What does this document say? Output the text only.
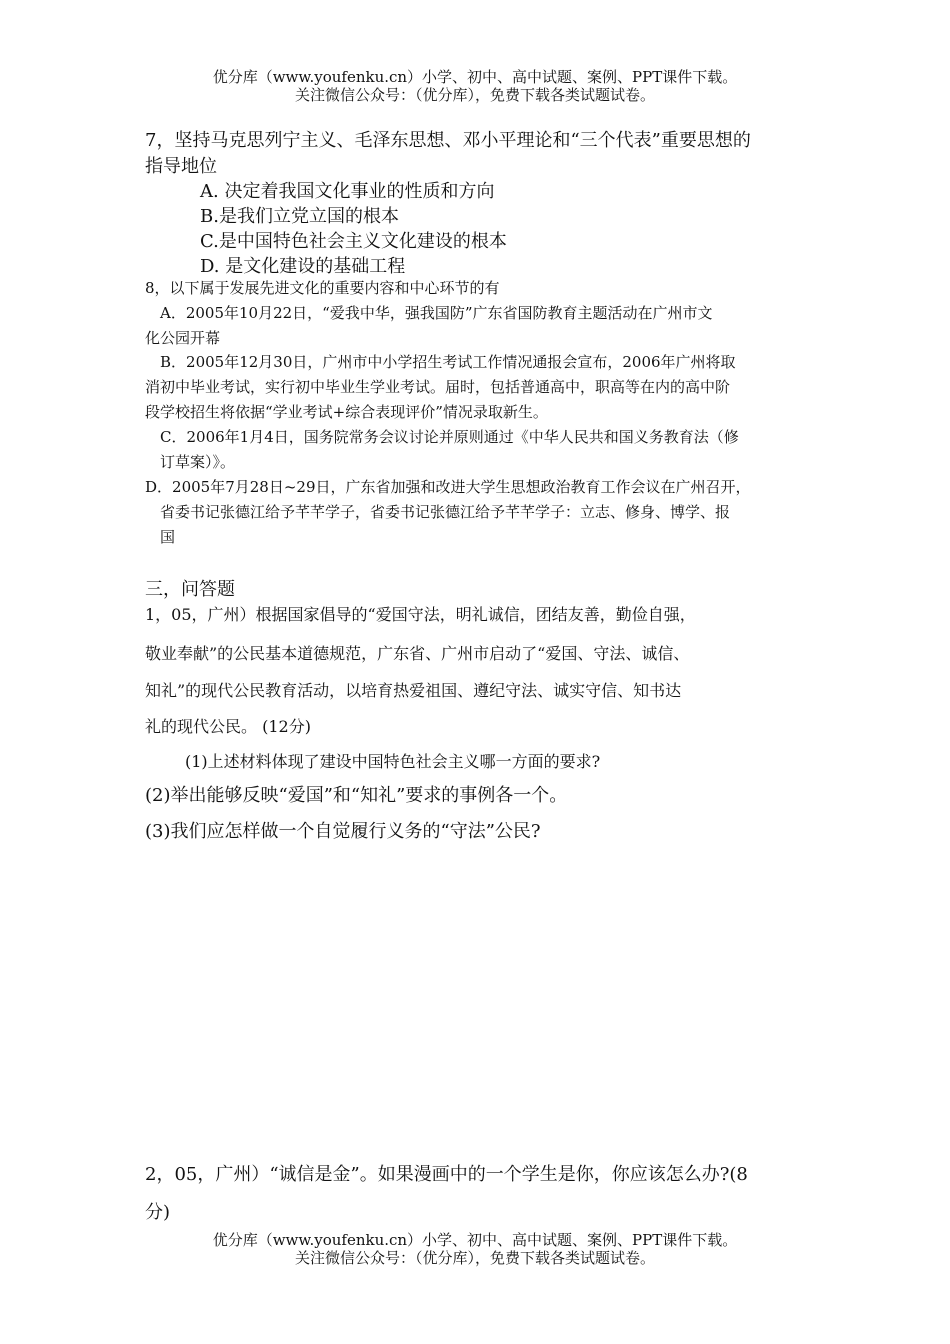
优分库（www.youfenku.cn）小学、初中、高中试题、案例、PPT课件下载。
关注微信公众号：（优分库），免费下载各类试题试卷。
7，坚持马克思列宁主义、毛泽东思想、邓小平理论和“三个代表”重要思想的
指导地位
A. 决定着我国文化事业的性质和方向
B.是我们立党立国的根本
C.是中国特色社会主义文化建设的根本
D. 是文化建设的基础工程
8，以下属于发展先进文化的重要内容和中心环节的有
A．2005年10月22日，“爱我中华，强我国防”广东省国防教育主题活动在广州市文
化公园开幕
B．2005年12月30日，广州市中小学招生考试工作情况通报会宣布，2006年广州将取
消初中毕业考试，实行初中毕业生学业考试。届时，包括普通高中，职高等在内的高中阶
段学校招生将依据“学业考试+综合表现评价”情况录取新生。
C．2006年1月4日，国务院常务会议讨论并原则通过《中华人民共和国义务教育法（修
订草案）》。
D．2005年7月28日~29日，广东省加强和改进大学生思想政治教育工作会议在广州召开，
省委书记张德江给予芊芊学子，省委书记张德江给予芊芊学子：立志、修身、博学、报
国
三，问答题
1，05，广州）根据国家倡导的“爱国守法，明礼诚信，团结友善，勤俭自强，
敬业奉献”的公民基本道德规范，广东省、广州市启动了“爱国、守法、诚信、
知礼”的现代公民教育活动，以培育热爱祖国、遵纪守法、诚实守信、知书达
礼的现代公民。 (12分)
(1)上述材料体现了建设中国特色社会主义哪一方面的要求?
(2)举出能够反映“爱国”和“知礼”要求的事例各一个。
(3)我们应怎样做一个自觉履行义务的“守法”公民?
2，05，广州）“诚信是金”。如果漫画中的一个学生是你，你应该怎么办?(8
分)
优分库（www.youfenku.cn）小学、初中、高中试题、案例、PPT课件下载。
关注微信公众号：（优分库），免费下载各类试题试卷。
